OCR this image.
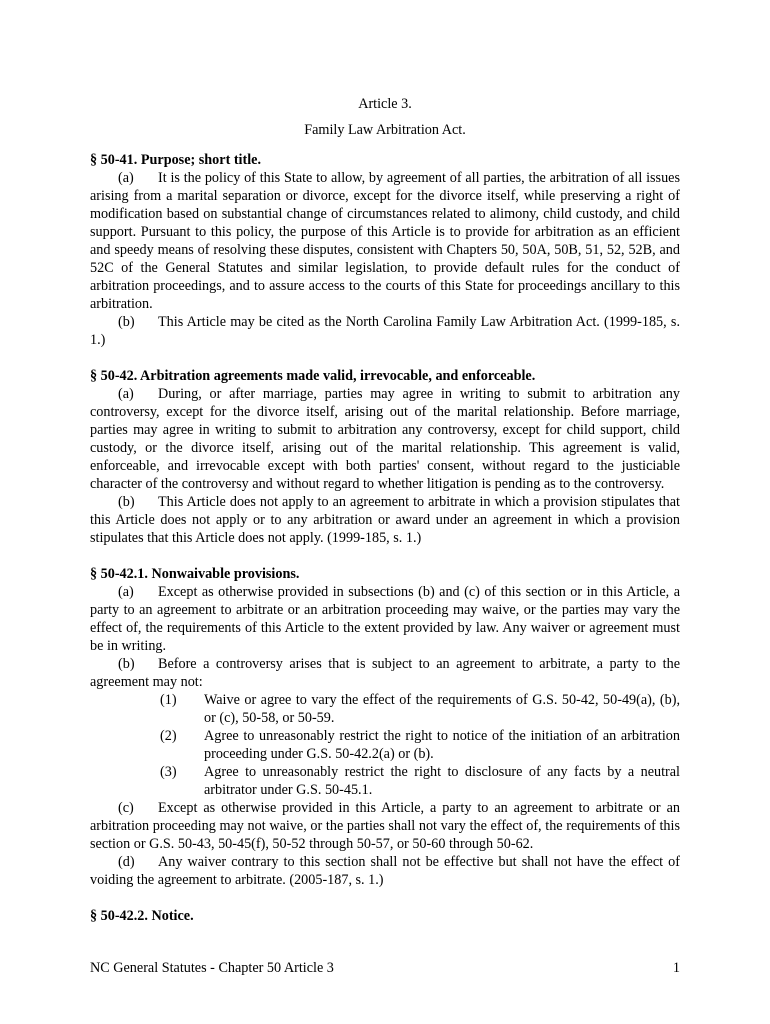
Article 3.
Family Law Arbitration Act.
§ 50-41. Purpose; short title.

(a) It is the policy of this State to allow, by agreement of all parties, the arbitration of all issues arising from a marital separation or divorce, except for the divorce itself, while preserving a right of modification based on substantial change of circumstances related to alimony, child custody, and child support. Pursuant to this policy, the purpose of this Article is to provide for arbitration as an efficient and speedy means of resolving these disputes, consistent with Chapters 50, 50A, 50B, 51, 52, 52B, and 52C of the General Statutes and similar legislation, to provide default rules for the conduct of arbitration proceedings, and to assure access to the courts of this State for proceedings ancillary to this arbitration.

(b) This Article may be cited as the North Carolina Family Law Arbitration Act. (1999-185, s. 1.)

§ 50-42. Arbitration agreements made valid, irrevocable, and enforceable.

(a) During, or after marriage, parties may agree in writing to submit to arbitration any controversy, except for the divorce itself, arising out of the marital relationship. Before marriage, parties may agree in writing to submit to arbitration any controversy, except for child support, child custody, or the divorce itself, arising out of the marital relationship. This agreement is valid, enforceable, and irrevocable except with both parties' consent, without regard to the justiciable character of the controversy and without regard to whether litigation is pending as to the controversy.

(b) This Article does not apply to an agreement to arbitrate in which a provision stipulates that this Article does not apply or to any arbitration or award under an agreement in which a provision stipulates that this Article does not apply. (1999-185, s. 1.)

§ 50-42.1. Nonwaivable provisions.

(a) Except as otherwise provided in subsections (b) and (c) of this section or in this Article, a party to an agreement to arbitrate or an arbitration proceeding may waive, or the parties may vary the effect of, the requirements of this Article to the extent provided by law. Any waiver or agreement must be in writing.

(b) Before a controversy arises that is subject to an agreement to arbitrate, a party to the agreement may not:

(1)	Waive or agree to vary the effect of the requirements of G.S. 50-42, 50-49(a), (b), or (c), 50-58, or 50-59.
(2)	Agree to unreasonably restrict the right to notice of the initiation of an arbitration proceeding under G.S. 50-42.2(a) or (b).
(3)	Agree to unreasonably restrict the right to disclosure of any facts by a neutral arbitrator under G.S. 50-45.1.

(c) Except as otherwise provided in this Article, a party to an agreement to arbitrate or an arbitration proceeding may not waive, or the parties shall not vary the effect of, the requirements of this section or G.S. 50-43, 50-45(f), 50-52 through 50-57, or 50-60 through 50-62.

(d) Any waiver contrary to this section shall not be effective but shall not have the effect of voiding the agreement to arbitrate. (2005-187, s. 1.)

§ 50-42.2. Notice.
NC General Statutes - Chapter 50 Article 3	1
